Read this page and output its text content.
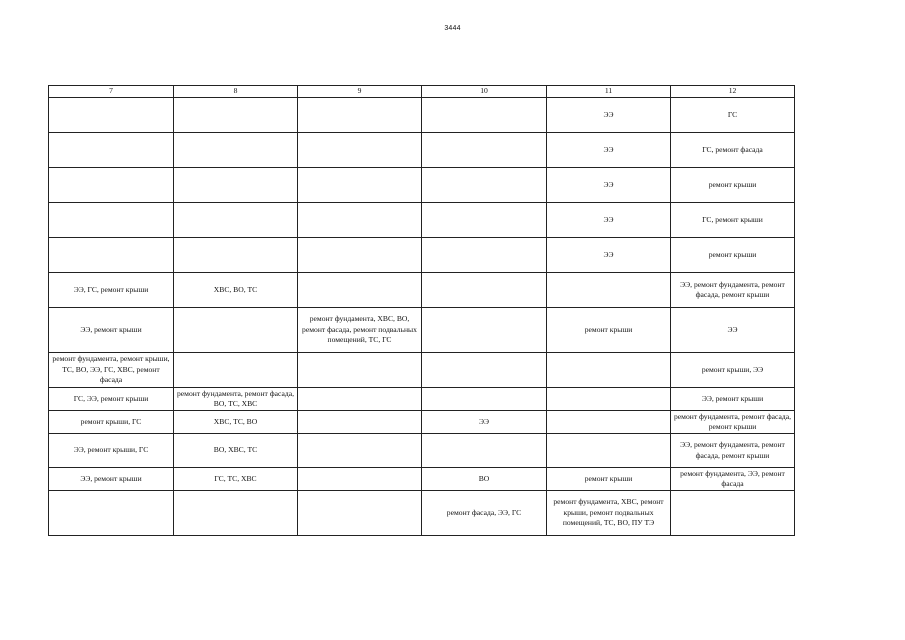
3444
7	8	9	10	11	12
				ЭЭ	ГС
				ЭЭ	ГС, ремонт фасада
				ЭЭ	ремонт крыши
				ЭЭ	ГС, ремонт крыши
				ЭЭ	ремонт крыши
ЭЭ, ГС, ремонт крыши	ХВС, ВО, ТС				ЭЭ, ремонт фундамента, ремонт фасада, ремонт крыши
ЭЭ, ремонт крыши		ремонт фундамента, ХВС, ВО, ремонт фасада, ремонт подвальных помещений, ТС, ГС		ремонт крыши	ЭЭ
ремонт фундамента, ремонт крыши, ТС, ВО, ЭЭ, ГС, ХВС, ремонт фасада					ремонт крыши, ЭЭ
ГС, ЭЭ, ремонт крыши	ремонт фундамента, ремонт фасада, ВО, ТС, ХВС				ЭЭ, ремонт крыши
ремонт крыши, ГС	ХВС, ТС, ВО		ЭЭ		ремонт фундамента, ремонт фасада, ремонт крыши
ЭЭ, ремонт крыши, ГС	ВО, ХВС, ТС				ЭЭ, ремонт фундамента, ремонт фасада, ремонт крыши
ЭЭ, ремонт крыши	ГС, ТС, ХВС		ВО	ремонт крыши	ремонт фундамента, ЭЭ, ремонт фасада
			ремонт фасада, ЭЭ, ГС	ремонт фундамента, ХВС, ремонт крыши, ремонт подвальных помещений, ТС, ВО, ПУ ТЭ	
